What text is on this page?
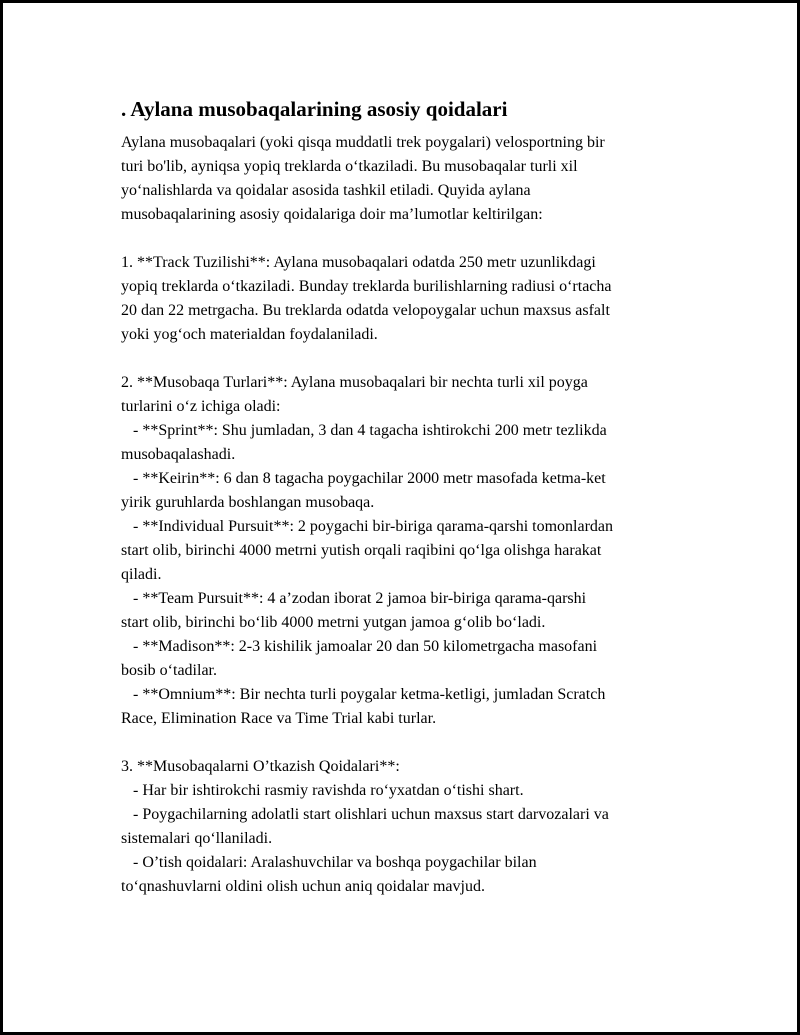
. Aylana musobaqalarining asosiy qoidalari

Aylana musobaqalari (yoki qisqa muddatli trek poygalari) velosportning bir
turi bo'lib, ayniqsa yopiq treklarda o‘tkaziladi. Bu musobaqalar turli xil
yo‘nalishlarda va qoidalar asosida tashkil etiladi. Quyida aylana
musobaqalarining asosiy qoidalariga doir ma’lumotlar keltirilgan:

1. **Track Tuzilishi**: Aylana musobaqalari odatda 250 metr uzunlikdagi
yopiq treklarda o‘tkaziladi. Bunday treklarda burilishlarning radiusi o‘rtacha
20 dan 22 metrgacha. Bu treklarda odatda velopoygalar uchun maxsus asfalt
yoki yog‘och materialdan foydalaniladi.

2. **Musobaqa Turlari**: Aylana musobaqalari bir nechta turli xil poyga
turlarini o‘z ichiga oladi:
- **Sprint**: Shu jumladan, 3 dan 4 tagacha ishtirokchi 200 metr tezlikda
musobaqalashadi.
- **Keirin**: 6 dan 8 tagacha poygachilar 2000 metr masofada ketma-ket
yirik guruhlarda boshlangan musobaqa.
- **Individual Pursuit**: 2 poygachi bir-biriga qarama-qarshi tomonlardan
start olib, birinchi 4000 metrni yutish orqali raqibini qo‘lga olishga harakat
qiladi.
- **Team Pursuit**: 4 a’zodan iborat 2 jamoa bir-biriga qarama-qarshi
start olib, birinchi bo‘lib 4000 metrni yutgan jamoa g‘olib bo‘ladi.
- **Madison**: 2-3 kishilik jamoalar 20 dan 50 kilometrgacha masofani
bosib o‘tadilar.
- **Omnium**: Bir nechta turli poygalar ketma-ketligi, jumladan Scratch
Race, Elimination Race va Time Trial kabi turlar.

3. **Musobaqalarni O’tkazish Qoidalari**:
- Har bir ishtirokchi rasmiy ravishda ro‘yxatdan o‘tishi shart.
- Poygachilarning adolatli start olishlari uchun maxsus start darvozalari va
sistemalari qo‘llaniladi.
- O’tish qoidalari: Aralashuvchilar va boshqa poygachilar bilan
to‘qnashuvlarni oldini olish uchun aniq qoidalar mavjud.
